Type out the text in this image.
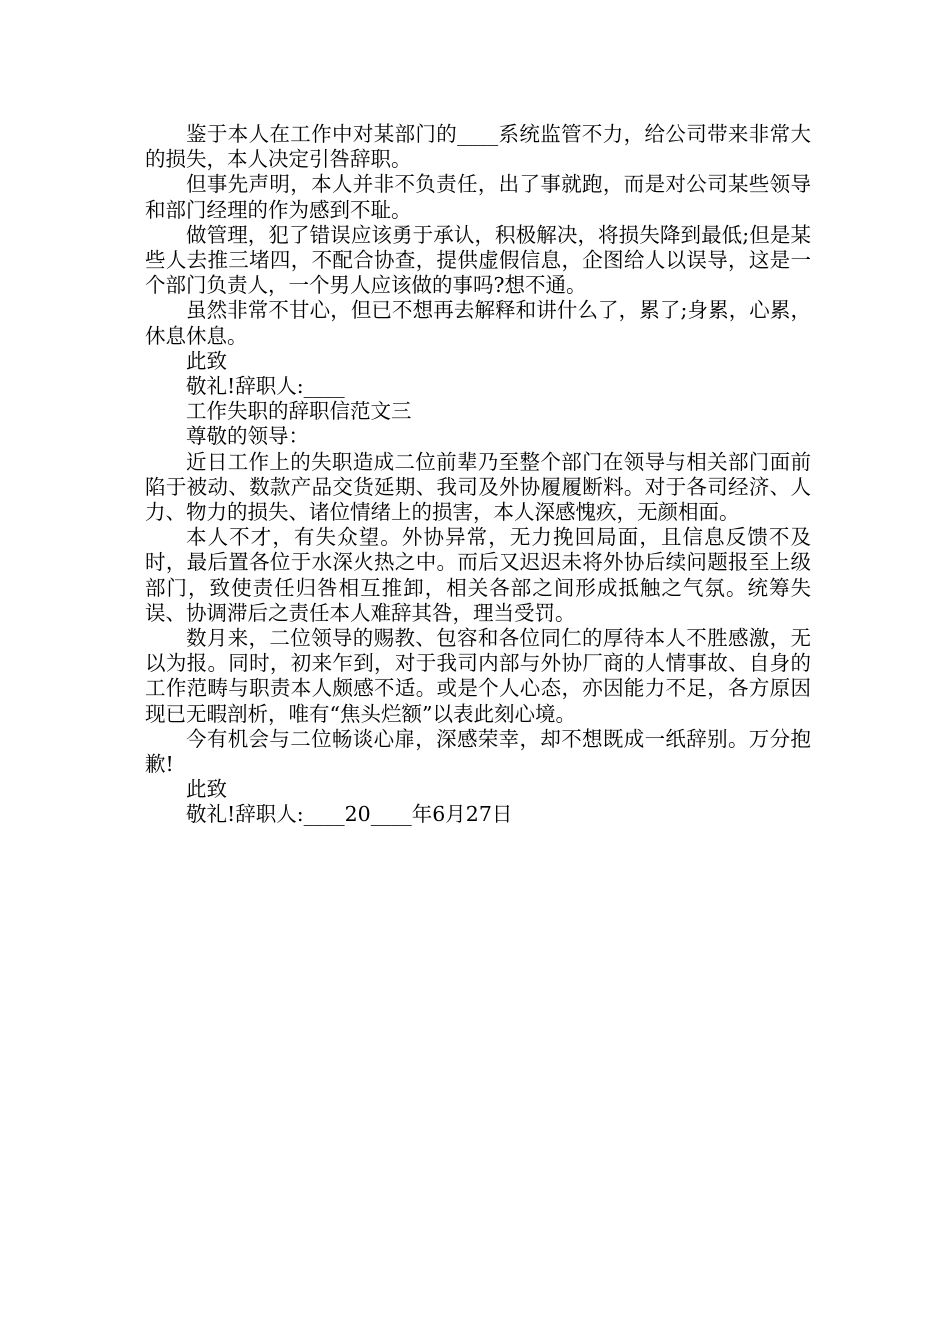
鉴于本人在工作中对某部门的____系统监管不力，给公司带来非常大的损失，本人决定引咎辞职。

但事先声明，本人并非不负责任，出了事就跑，而是对公司某些领导和部门经理的作为感到不耻。

做管理，犯了错误应该勇于承认，积极解决，将损失降到最低;但是某些人去推三堵四，不配合协查，提供虚假信息，企图给人以误导，这是一个部门负责人，一个男人应该做的事吗?想不通。

虽然非常不甘心，但已不想再去解释和讲什么了，累了;身累，心累，休息休息。

此致

敬礼!辞职人:____

工作失职的辞职信范文三

尊敬的领导：

近日工作上的失职造成二位前辈乃至整个部门在领导与相关部门面前陷于被动、数款产品交货延期、我司及外协履履断料。对于各司经济、人力、物力的损失、诸位情绪上的损害，本人深感愧疚，无颜相面。

本人不才，有失众望。外协异常，无力挽回局面，且信息反馈不及时，最后置各位于水深火热之中。而后又迟迟未将外协后续问题报至上级部门，致使责任归咎相互推卸，相关各部之间形成抵触之气氛。统筹失误、协调滞后之责任本人难辞其咎，理当受罚。

数月来，二位领导的赐教、包容和各位同仁的厚待本人不胜感激，无以为报。同时，初来乍到，对于我司内部与外协厂商的人情事故、自身的工作范畴与职责本人颇感不适。或是个人心态，亦因能力不足，各方原因现已无暇剖析，唯有“焦头烂额”以表此刻心境。

今有机会与二位畅谈心扉，深感荣幸，却不想既成一纸辞别。万分抱歉!

此致

敬礼!辞职人:____20____年6月27日
